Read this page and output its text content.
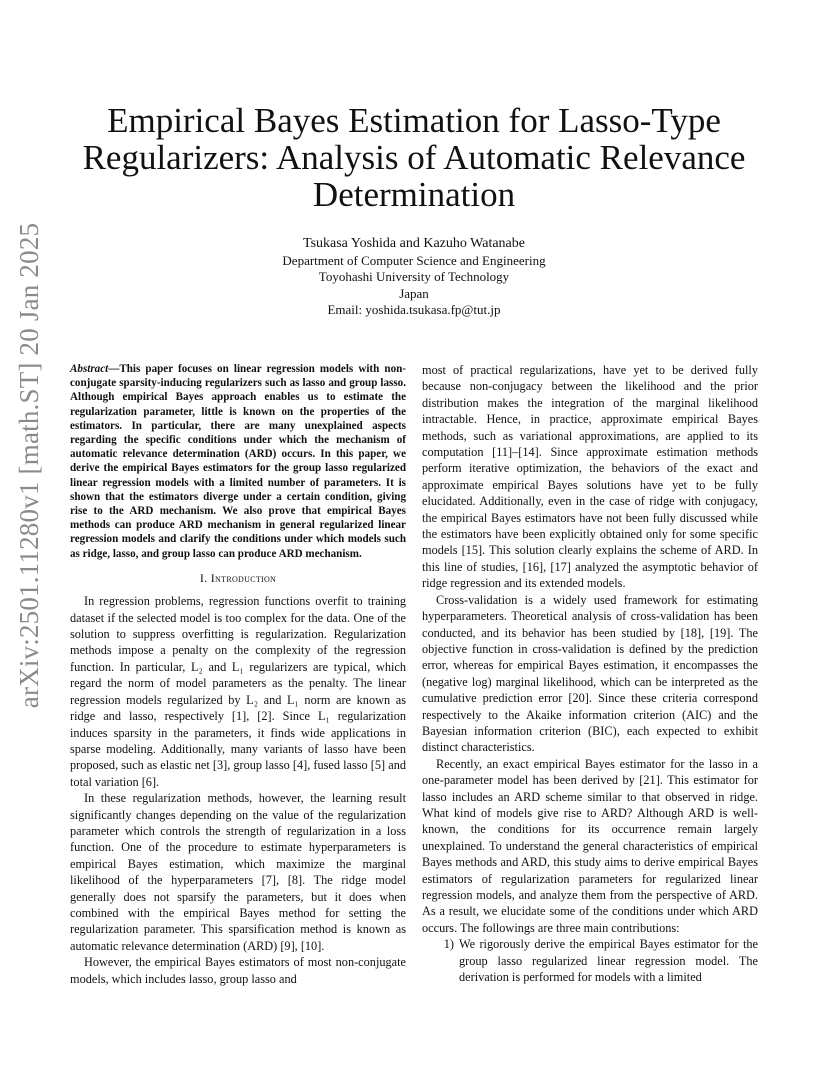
arXiv:2501.11280v1 [math.ST] 20 Jan 2025
Empirical Bayes Estimation for Lasso-Type
Regularizers: Analysis of Automatic Relevance
Determination
Tsukasa Yoshida and Kazuho Watanabe
Department of Computer Science and Engineering
Toyohashi University of Technology
Japan
Email: yoshida.tsukasa.fp@tut.jp

Abstract—This paper focuses on linear regression models with non-conjugate sparsity-inducing regularizers such as lasso and group lasso. Although empirical Bayes approach enables us to estimate the regularization parameter, little is known on the properties of the estimators. In particular, there are many unexplained aspects regarding the specific conditions under which the mechanism of automatic relevance determination (ARD) occurs. In this paper, we derive the empirical Bayes estimators for the group lasso regularized linear regression models with a limited number of parameters. It is shown that the estimators diverge under a certain condition, giving rise to the ARD mechanism. We also prove that empirical Bayes methods can produce ARD mechanism in general regularized linear regression models and clarify the conditions under which models such as ridge, lasso, and group lasso can produce ARD mechanism.

I. Introduction

In regression problems, regression functions overfit to training dataset if the selected model is too complex for the data. One of the solution to suppress overfitting is regularization. Regularization methods impose a penalty on the complexity of the regression function. In particular, L₂ and L₁ regularizers are typical, which regard the norm of model parameters as the penalty. The linear regression models regularized by L₂ and L₁ norm are known as ridge and lasso, respectively [1], [2]. Since L₁ regularization induces sparsity in the parameters, it finds wide applications in sparse modeling. Additionally, many variants of lasso have been proposed, such as elastic net [3], group lasso [4], fused lasso [5] and total variation [6].

In these regularization methods, however, the learning result significantly changes depending on the value of the regularization parameter which controls the strength of regularization in a loss function. One of the procedure to estimate hyperparameters is empirical Bayes estimation, which maximize the marginal likelihood of the hyperparameters [7], [8]. The ridge model generally does not sparsify the parameters, but it does when combined with the empirical Bayes method for setting the regularization parameter. This sparsification method is known as automatic relevance determination (ARD) [9], [10].

However, the empirical Bayes estimators of most non-conjugate models, which includes lasso, group lasso and

most of practical regularizations, have yet to be derived fully because non-conjugacy between the likelihood and the prior distribution makes the integration of the marginal likelihood intractable. Hence, in practice, approximate empirical Bayes methods, such as variational approximations, are applied to its computation [11]–[14]. Since approximate estimation methods perform iterative optimization, the behaviors of the exact and approximate empirical Bayes solutions have yet to be fully elucidated. Additionally, even in the case of ridge with conjugacy, the empirical Bayes estimators have not been fully discussed while the estimators have been explicitly obtained only for some specific models [15]. This solution clearly explains the scheme of ARD. In this line of studies, [16], [17] analyzed the asymptotic behavior of ridge regression and its extended models.

Cross-validation is a widely used framework for estimating hyperparameters. Theoretical analysis of cross-validation has been conducted, and its behavior has been studied by [18], [19]. The objective function in cross-validation is defined by the prediction error, whereas for empirical Bayes estimation, it encompasses the (negative log) marginal likelihood, which can be interpreted as the cumulative prediction error [20]. Since these criteria correspond respectively to the Akaike information criterion (AIC) and the Bayesian information criterion (BIC), each expected to exhibit distinct characteristics.

Recently, an exact empirical Bayes estimator for the lasso in a one-parameter model has been derived by [21]. This estimator for lasso includes an ARD scheme similar to that observed in ridge. What kind of models give rise to ARD? Although ARD is well-known, the conditions for its occurrence remain largely unexplained. To understand the general characteristics of empirical Bayes methods and ARD, this study aims to derive empirical Bayes estimators of regularization parameters for regularized linear regression models, and analyze them from the perspective of ARD. As a result, we elucidate some of the conditions under which ARD occurs. The followings are three main contributions:

1) We rigorously derive the empirical Bayes estimator for the group lasso regularized linear regression model. The derivation is performed for models with a limited
